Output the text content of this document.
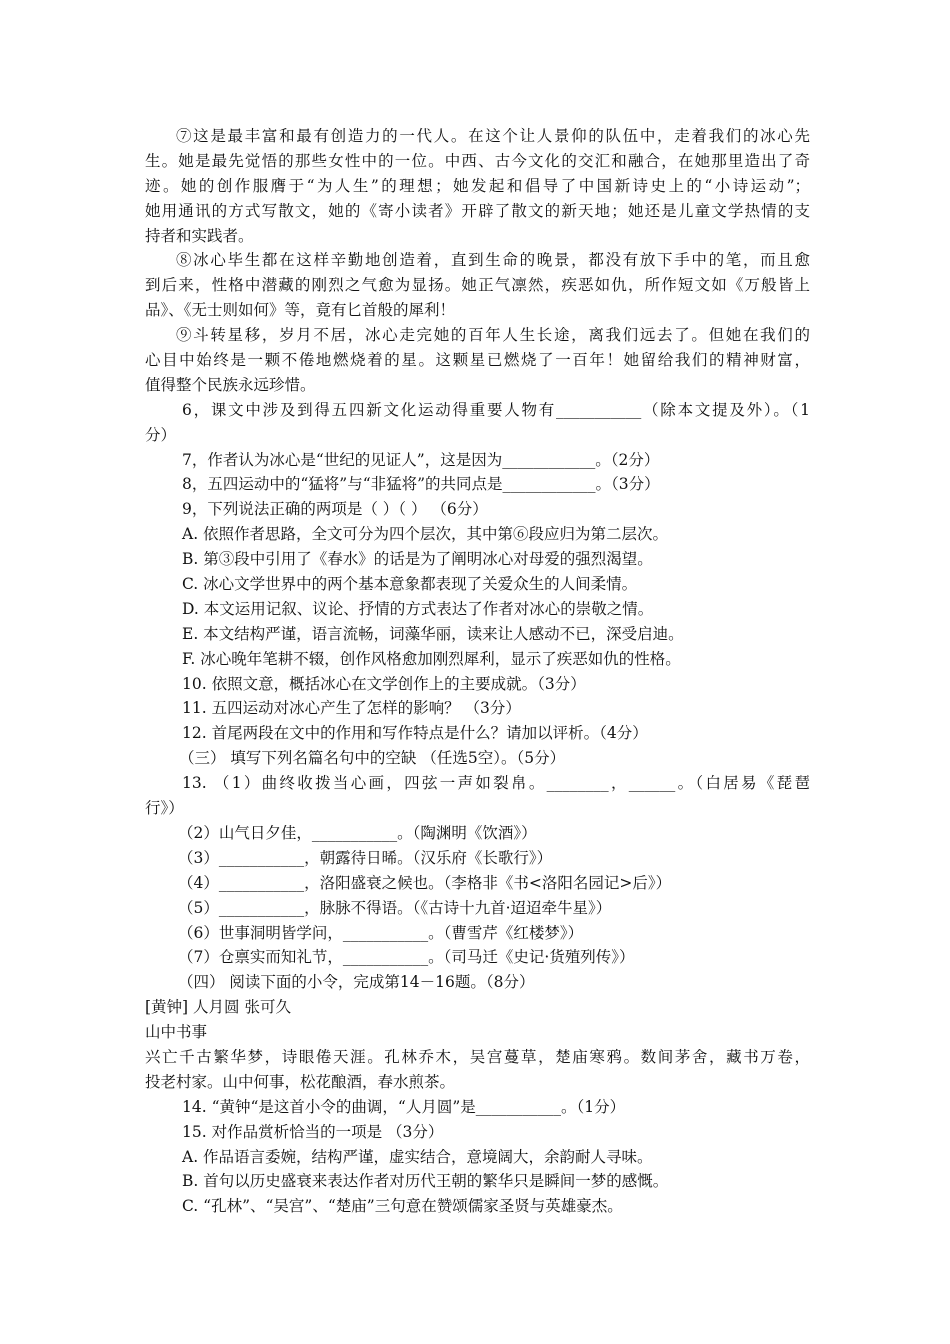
⑦这是最丰富和最有创造力的一代人。在这个让人景仰的队伍中，走着我们的冰心先
生。她是最先觉悟的那些女性中的一位。中西、古今文化的交汇和融合，在她那里造出了奇
迹。她的创作服膺于“为人生”的理想；她发起和倡导了中国新诗史上的“小诗运动”；
她用通讯的方式写散文，她的《寄小读者》开辟了散文的新天地；她还是儿童文学热情的支
持者和实践者。
⑧冰心毕生都在这样辛勤地创造着，直到生命的晚景，都没有放下手中的笔，而且愈
到后来，性格中潜藏的刚烈之气愈为显扬。她正气凛然，疾恶如仇，所作短文如《万般皆上
品》、《无士则如何》等，竟有匕首般的犀利！
⑨斗转星移，岁月不居，冰心走完她的百年人生长途，离我们远去了。但她在我们的
心目中始终是一颗不倦地燃烧着的星。这颗星已燃烧了一百年！她留给我们的精神财富，
值得整个民族永远珍惜。
6，课文中涉及到得五四新文化运动得重要人物有___________（除本文提及外）。（1
分）
7，作者认为冰心是“世纪的见证人”，这是因为____________。（2分）
8，五四运动中的“猛将”与“非猛将”的共同点是____________。（3分）
9，下列说法正确的两项是（ ）（ ） （6分）
A. 依照作者思路，全文可分为四个层次，其中第⑥段应归为第二层次。
B. 第③段中引用了《春水》的话是为了阐明冰心对母爱的强烈渴望。
C. 冰心文学世界中的两个基本意象都表现了关爱众生的人间柔情。
D. 本文运用记叙、议论、抒情的方式表达了作者对冰心的崇敬之情。
E. 本文结构严谨，语言流畅，词藻华丽，读来让人感动不已，深受启迪。
F. 冰心晚年笔耕不辍，创作风格愈加刚烈犀利，显示了疾恶如仇的性格。
10. 依照文意，概括冰心在文学创作上的主要成就。（3分）
11. 五四运动对冰心产生了怎样的影响？ （3分）
12. 首尾两段在文中的作用和写作特点是什么？请加以评析。（4分）
（三） 填写下列名篇名句中的空缺 （任选5空）。（5分）
13. （1）曲终收拨当心画，四弦一声如裂帛。________，______。（白居易《琵琶
行》）
（2）山气日夕佳，___________。（陶渊明《饮酒》）
（3）___________，朝露待日晞。（汉乐府《长歌行》）
（4）___________，洛阳盛衰之候也。（李格非《书<洛阳名园记>后》）
（5）___________，脉脉不得语。（《古诗十九首·迢迢牵牛星》）
（6）世事洞明皆学问，___________。（曹雪芹《红楼梦》）
（7）仓禀实而知礼节，___________。（司马迁《史记·货殖列传》）
（四） 阅读下面的小令，完成第14－16题。（8分）
[黄钟] 人月圆 张可久
山中书事
兴亡千古繁华梦，诗眼倦天涯。孔林乔木，吴宫蔓草，楚庙寒鸦。数间茅舍，藏书万卷，
投老村家。山中何事，松花酿酒，春水煎茶。
14. “黄钟“是这首小令的曲调，“人月圆”是___________。（1分）
15. 对作品赏析恰当的一项是 （3分）
A. 作品语言委婉，结构严谨，虚实结合，意境阔大，余韵耐人寻味。
B. 首句以历史盛衰来表达作者对历代王朝的繁华只是瞬间一梦的感慨。
C. “孔林”、“吴宫”、“楚庙”三句意在赞颂儒家圣贤与英雄豪杰。
